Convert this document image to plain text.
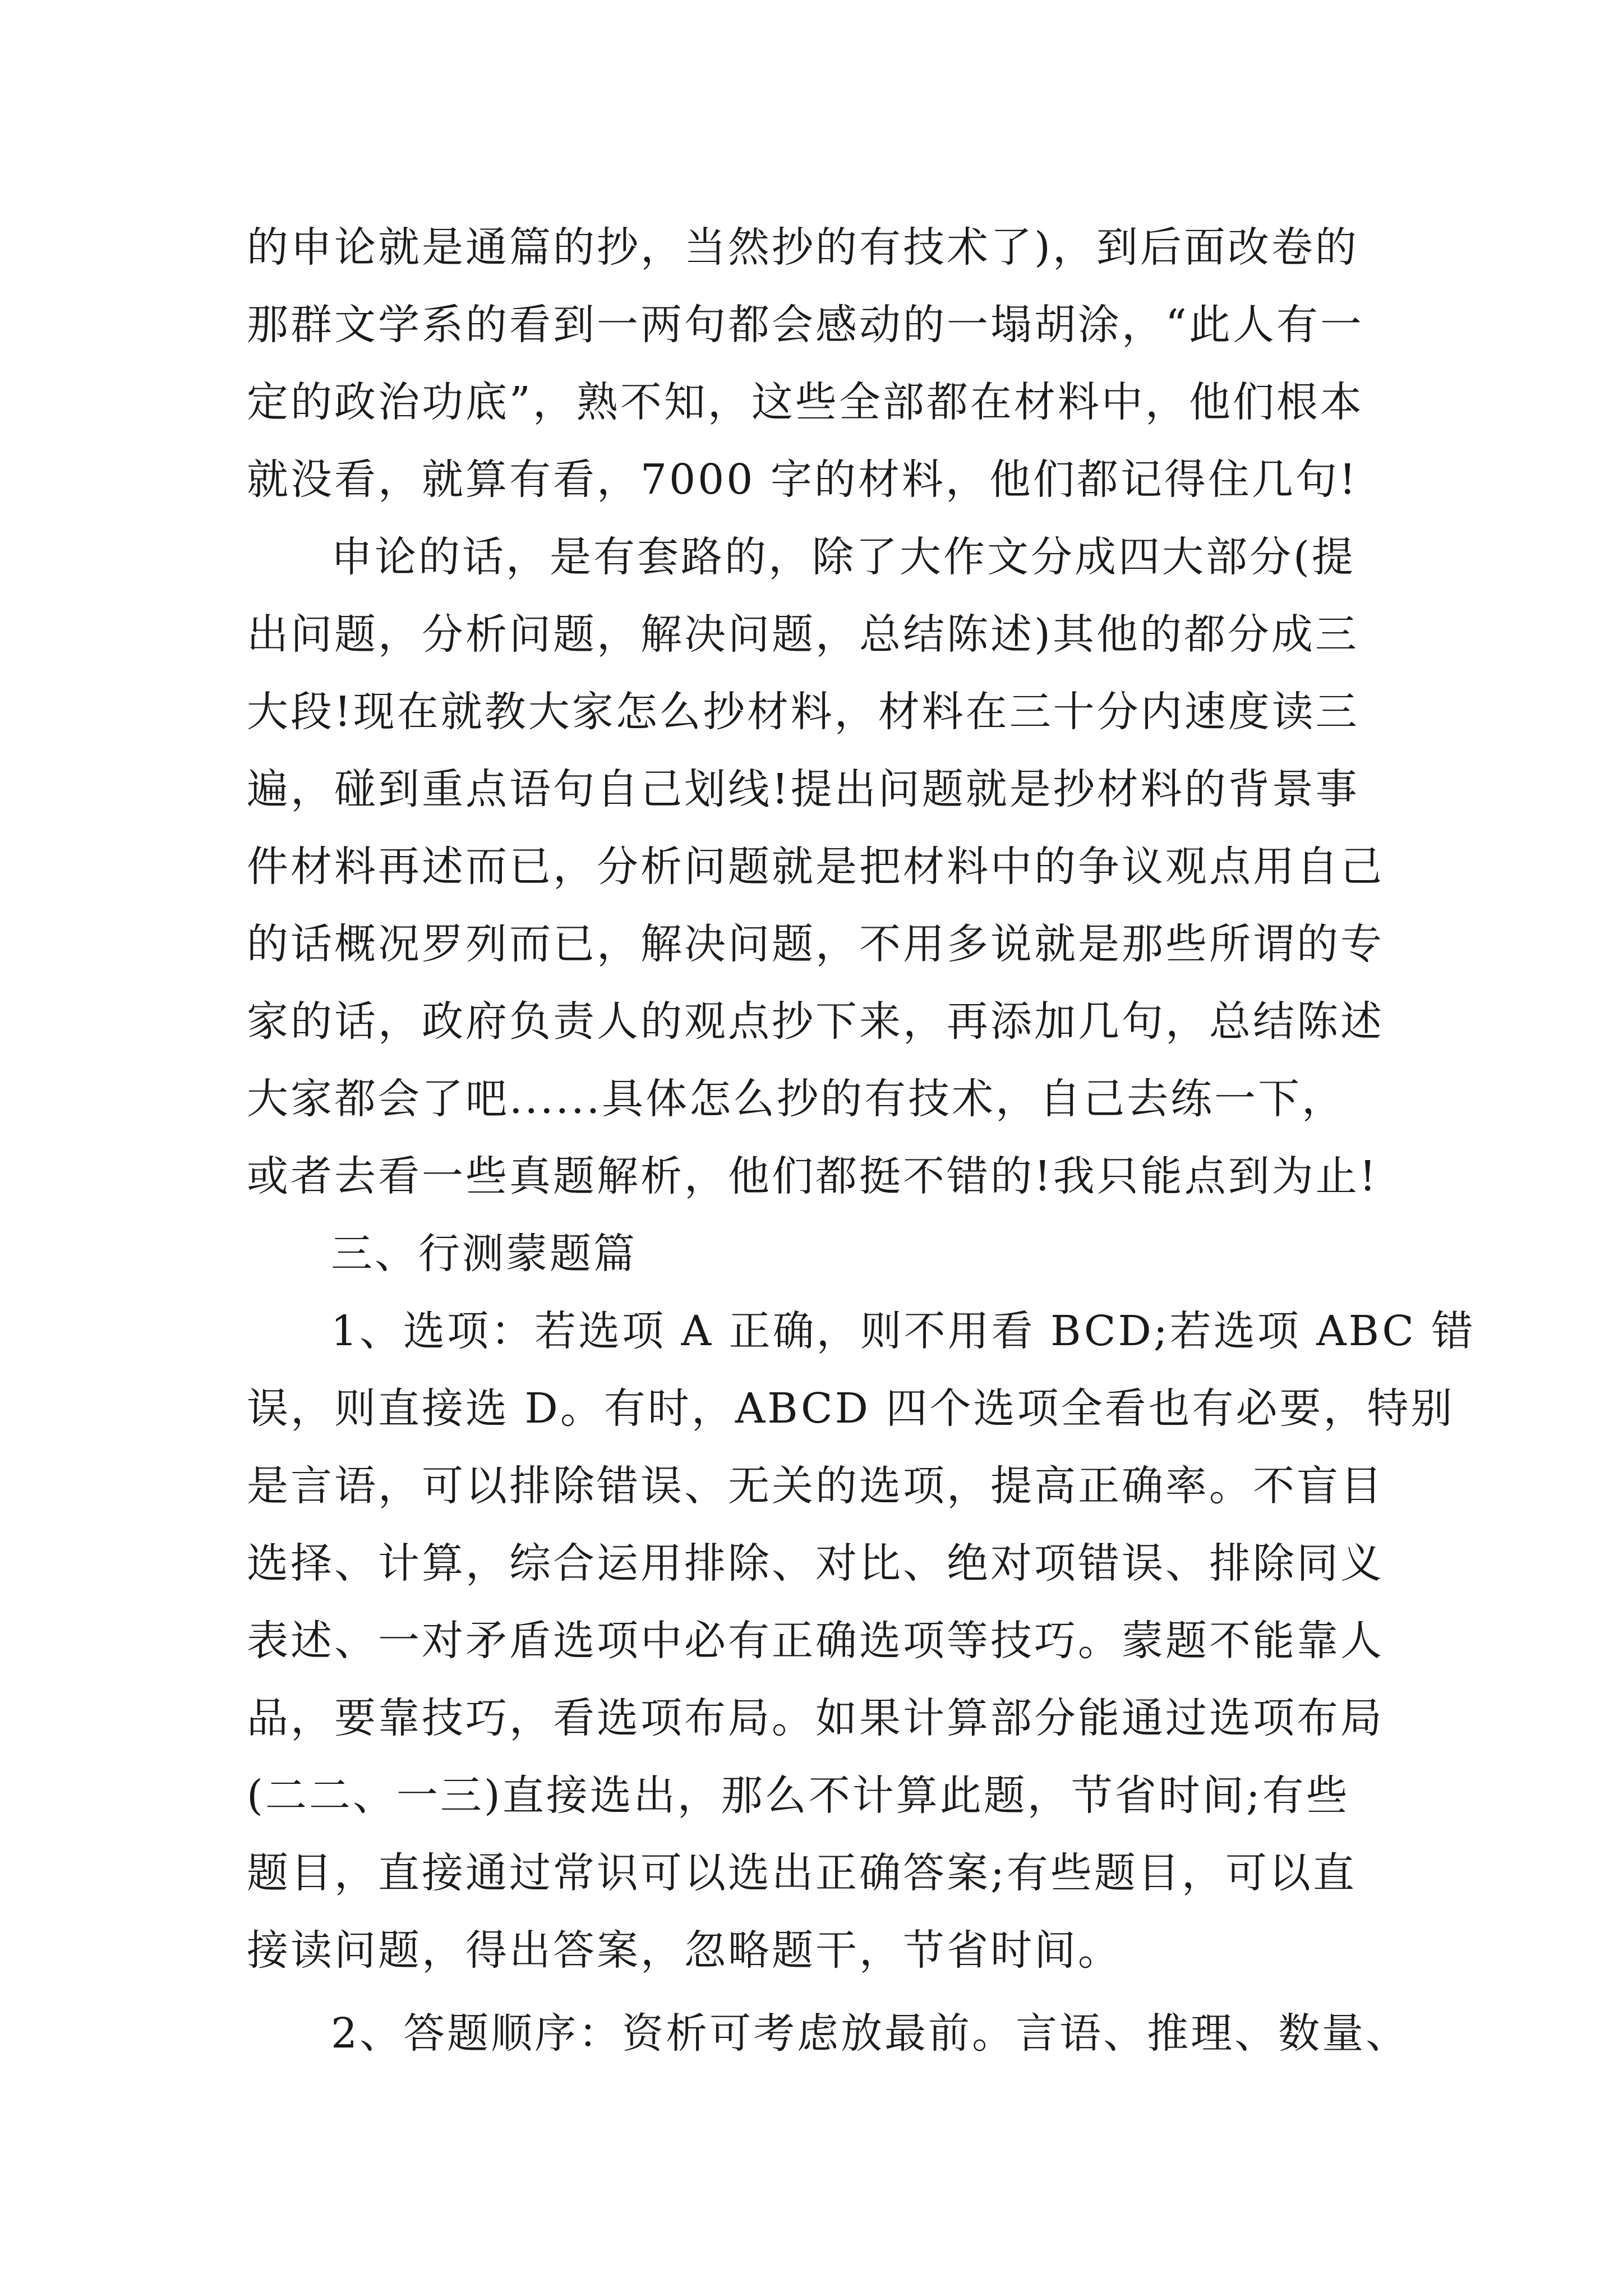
的申论就是通篇的抄，当然抄的有技术了)，到后面改卷的
那群文学系的看到一两句都会感动的一塌胡涂，“此人有一
定的政治功底”，熟不知，这些全部都在材料中，他们根本
就没看，就算有看，7000 字的材料，他们都记得住几句!
申论的话，是有套路的，除了大作文分成四大部分(提
出问题，分析问题，解决问题，总结陈述)其他的都分成三
大段!现在就教大家怎么抄材料，材料在三十分内速度读三
遍，碰到重点语句自己划线!提出问题就是抄材料的背景事
件材料再述而已，分析问题就是把材料中的争议观点用自己
的话概况罗列而已，解决问题，不用多说就是那些所谓的专
家的话，政府负责人的观点抄下来，再添加几句，总结陈述
大家都会了吧......具体怎么抄的有技术，自己去练一下，
或者去看一些真题解析，他们都挺不错的!我只能点到为止!
三、行测蒙题篇
1、选项：若选项 A 正确，则不用看 BCD;若选项 ABC 错
误，则直接选 D。有时，ABCD 四个选项全看也有必要，特别
是言语，可以排除错误、无关的选项，提高正确率。不盲目
选择、计算，综合运用排除、对比、绝对项错误、排除同义
表述、一对矛盾选项中必有正确选项等技巧。蒙题不能靠人
品，要靠技巧，看选项布局。如果计算部分能通过选项布局
(二二、一三)直接选出，那么不计算此题，节省时间;有些
题目，直接通过常识可以选出正确答案;有些题目，可以直
接读问题，得出答案，忽略题干，节省时间。
2、答题顺序：资析可考虑放最前。言语、推理、数量、
